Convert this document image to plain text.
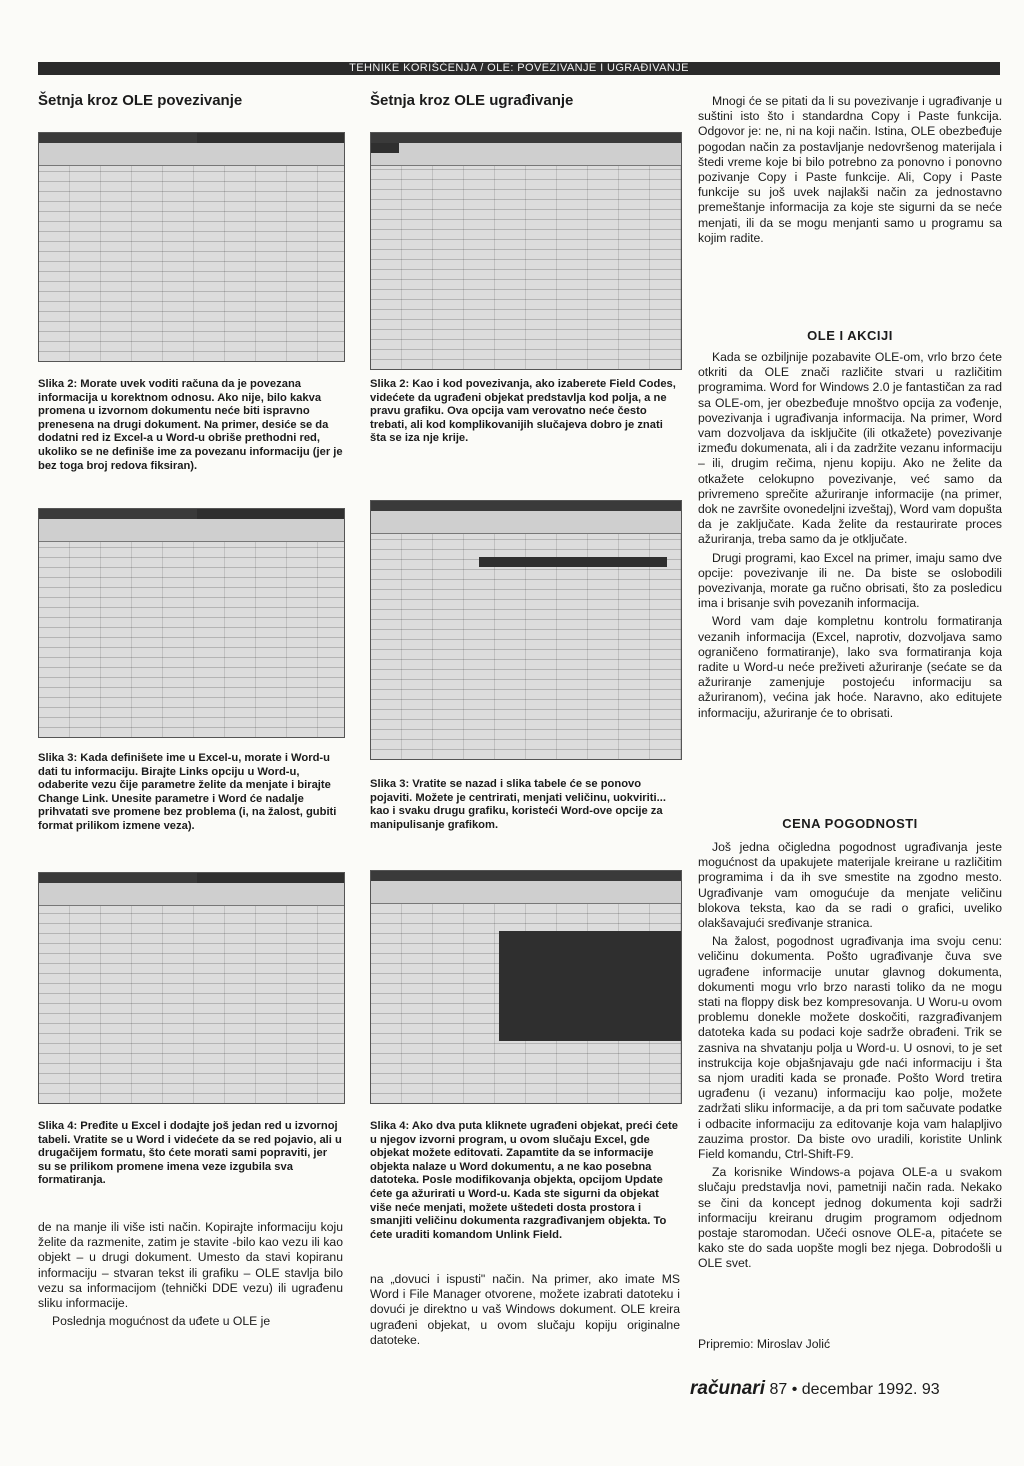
TEHNIKE KORIŠĆENJA / OLE: POVEZIVANJE I UGRAĐIVANJE
Šetnja kroz OLE povezivanje
Slika 2: Morate uvek voditi računa da je povezana informacija u korektnom odnosu. Ako nije, bilo kakva promena u izvornom dokumentu neće biti ispravno prenesena na drugi dokument. Na primer, desiće se da dodatni red iz Excel-a u Word-u obriše prethodni red, ukoliko se ne definiše ime za povezanu informaciju (jer je bez toga broj redova fiksiran).
Slika 3: Kada definišete ime u Excel-u, morate i Word-u dati tu informaciju. Birajte Links opciju u Word-u, odaberite vezu čije parametre želite da menjate i birajte Change Link. Unesite parametre i Word će nadalje prihvatati sve promene bez problema (i, na žalost, gubiti format prilikom izmene veza).
Slika 4: Pređite u Excel i dodajte još jedan red u izvornoj tabeli. Vratite se u Word i videćete da se red pojavio, ali u drugačijem formatu, što ćete morati sami popraviti, jer su se prilikom promene imena veze izgubila sva formatiranja.

de na manje ili više isti način. Kopirajte informaciju koju želite da razmenite, zatim je stavite -bilo kao vezu ili kao objekt – u drugi dokument. Umesto da stavi kopiranu informaciju – stvaran tekst ili grafiku – OLE stavlja bilo vezu sa informacijom (tehnički DDE vezu) ili ugrađenu sliku informacije.

Poslednja mogućnost da uđete u OLE je

Šetnja kroz OLE ugrađivanje
Slika 2: Kao i kod povezivanja, ako izaberete Field Codes, videćete da ugrađeni objekat predstavlja kod polja, a ne pravu grafiku. Ova opcija vam verovatno neće često trebati, ali kod komplikovanijih slučajeva dobro je znati šta se iza nje krije.
Slika 3: Vratite se nazad i slika tabele će se ponovo pojaviti. Možete je centrirati, menjati veličinu, uokviriti... kao i svaku drugu grafiku, koristeći Word-ove opcije za manipulisanje grafikom.
Slika 4: Ako dva puta kliknete ugrađeni objekat, preći ćete u njegov izvorni program, u ovom slučaju Excel, gde objekat možete editovati. Zapamtite da se informacije objekta nalaze u Word dokumentu, a ne kao posebna datoteka. Posle modifikovanja objekta, opcijom Update ćete ga ažurirati u Word-u. Kada ste sigurni da objekat više neće menjati, možete uštedeti dosta prostora i smanjiti veličinu dokumenta razgrađivanjem objekta. To ćete uraditi komandom Unlink Field.

na „dovuci i ispusti" način. Na primer, ako imate MS Word i File Manager otvorene, možete izabrati datoteku i dovući je direktno u vaš Windows dokument. OLE kreira ugrađeni objekat, u ovom slučaju kopiju originalne datoteke.

Mnogi će se pitati da li su povezivanje i ugrađivanje u suštini isto što i standardna Copy i Paste funkcija. Odgovor je: ne, ni na koji način. Istina, OLE obezbeđuje pogodan način za postavljanje nedovršenog materijala i štedi vreme koje bi bilo potrebno za ponovno i ponovno pozivanje Copy i Paste funkcije. Ali, Copy i Paste funkcije su još uvek najlakši način za jednostavno premeštanje informacija za koje ste sigurni da se neće menjati, ili da se mogu menjanti samo u programu sa kojim radite.

OLE I AKCIJI

Kada se ozbiljnije pozabavite OLE-om, vrlo brzo ćete otkriti da OLE znači različite stvari u različitim programima. Word for Windows 2.0 je fantastičan za rad sa OLE-om, jer obezbeđuje mnoštvo opcija za vođenje, povezivanja i ugrađivanja informacija. Na primer, Word vam dozvoljava da isključite (ili otkažete) povezivanje između dokumenata, ali i da zadržite vezanu informaciju – ili, drugim rečima, njenu kopiju. Ako ne želite da otkažete celokupno povezivanje, već samo da privremeno sprečite ažuriranje informacije (na primer, dok ne završite ovonedeljni izveštaj), Word vam dopušta da je zaključate. Kada želite da restaurirate proces ažuriranja, treba samo da je otključate.

Drugi programi, kao Excel na primer, imaju samo dve opcije: povezivanje ili ne. Da biste se oslobodili povezivanja, morate ga ručno obrisati, što za posledicu ima i brisanje svih povezanih informacija.

Word vam daje kompletnu kontrolu formatiranja vezanih informacija (Excel, naprotiv, dozvoljava samo ograničeno formatiranje), lako sva formatiranja koja radite u Word-u neće preživeti ažuriranje (sećate se da ažuriranje zamenjuje postojeću informaciju sa ažuriranom), većina jak hoće. Naravno, ako editujete informaciju, ažuriranje će to obrisati.

CENA POGODNOSTI

Još jedna očigledna pogodnost ugrađivanja jeste mogućnost da upakujete materijale kreirane u različitim programima i da ih sve smestite na zgodno mesto. Ugrađivanje vam omogućuje da menjate veličinu blokova teksta, kao da se radi o grafici, uveliko olakšavajući sređivanje stranica.

Na žalost, pogodnost ugrađivanja ima svoju cenu: veličinu dokumenta. Pošto ugrađivanje čuva sve ugrađene informacije unutar glavnog dokumenta, dokumenti mogu vrlo brzo narasti toliko da ne mogu stati na floppy disk bez kompresovanja. U Woru-u ovom problemu donekle možete doskočiti, razgrađivanjem datoteka kada su podaci koje sadrže obrađeni. Trik se zasniva na shvatanju polja u Word-u. U osnovi, to je set instrukcija koje objašnjavaju gde naći informaciju i šta sa njom uraditi kada se pronađe. Pošto Word tretira ugrađenu (i vezanu) informaciju kao polje, možete zadržati sliku informacije, a da pri tom sačuvate podatke i odbacite informaciju za editovanje koja vam halapljivo zauzima prostor. Da biste ovo uradili, koristite Unlink Field komandu, Ctrl-Shift-F9.

Za korisnike Windows-a pojava OLE-a u svakom slučaju predstavlja novi, pametniji način rada. Nekako se čini da koncept jednog dokumenta koji sadrži informaciju kreiranu drugim programom odjednom postaje staromodan. Učeći osnove OLE-a, pitaćete se kako ste do sada uopšte mogli bez njega. Dobrodošli u OLE svet.

Pripremio: Miroslav Jolić
računari 87 • decembar 1992. 93
